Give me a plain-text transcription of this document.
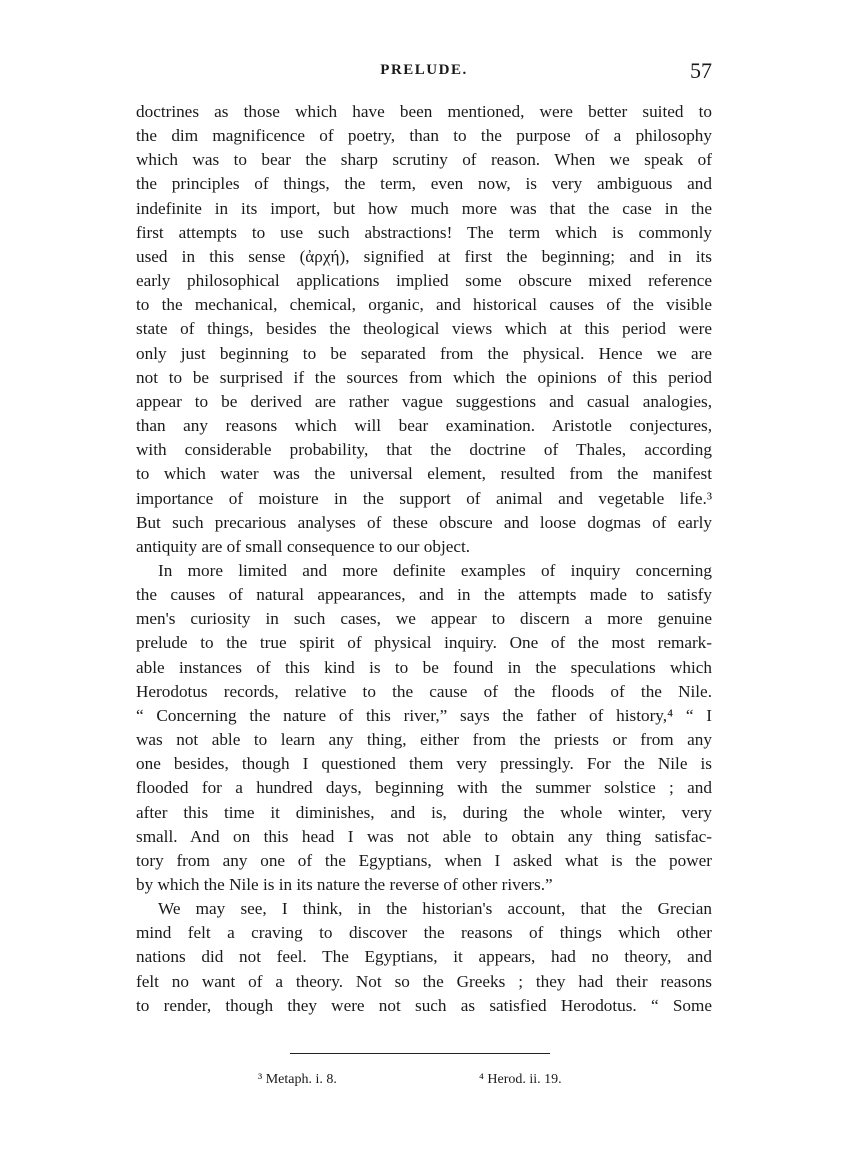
PRELUDE.	57

doctrines as those which have been mentioned, were better suited to
the dim magnificence of poetry, than to the purpose of a philosophy
which was to bear the sharp scrutiny of reason. When we speak of
the principles of things, the term, even now, is very ambiguous and
indefinite in its import, but how much more was that the case in the
first attempts to use such abstractions! The term which is commonly
used in this sense (ἀρχή), signified at first the beginning; and in its
early philosophical applications implied some obscure mixed reference
to the mechanical, chemical, organic, and historical causes of the visible
state of things, besides the theological views which at this period were
only just beginning to be separated from the physical. Hence we are
not to be surprised if the sources from which the opinions of this period
appear to be derived are rather vague suggestions and casual analogies,
than any reasons which will bear examination. Aristotle conjectures,
with considerable probability, that the doctrine of Thales, according
to which water was the universal element, resulted from the manifest
importance of moisture in the support of animal and vegetable life.³
But such precarious analyses of these obscure and loose dogmas of early
antiquity are of small consequence to our object.

In more limited and more definite examples of inquiry concerning
the causes of natural appearances, and in the attempts made to satisfy
men's curiosity in such cases, we appear to discern a more genuine
prelude to the true spirit of physical inquiry. One of the most remark-
able instances of this kind is to be found in the speculations which
Herodotus records, relative to the cause of the floods of the Nile.
“ Concerning the nature of this river,” says the father of history,⁴ “ I
was not able to learn any thing, either from the priests or from any
one besides, though I questioned them very pressingly. For the Nile is
flooded for a hundred days, beginning with the summer solstice ; and
after this time it diminishes, and is, during the whole winter, very
small. And on this head I was not able to obtain any thing satisfac-
tory from any one of the Egyptians, when I asked what is the power
by which the Nile is in its nature the reverse of other rivers.”

We may see, I think, in the historian's account, that the Grecian
mind felt a craving to discover the reasons of things which other
nations did not feel. The Egyptians, it appears, had no theory, and
felt no want of a theory. Not so the Greeks ; they had their reasons
to render, though they were not such as satisfied Herodotus. “ Some

³ Metaph. i. 8.	⁴ Herod. ii. 19.
